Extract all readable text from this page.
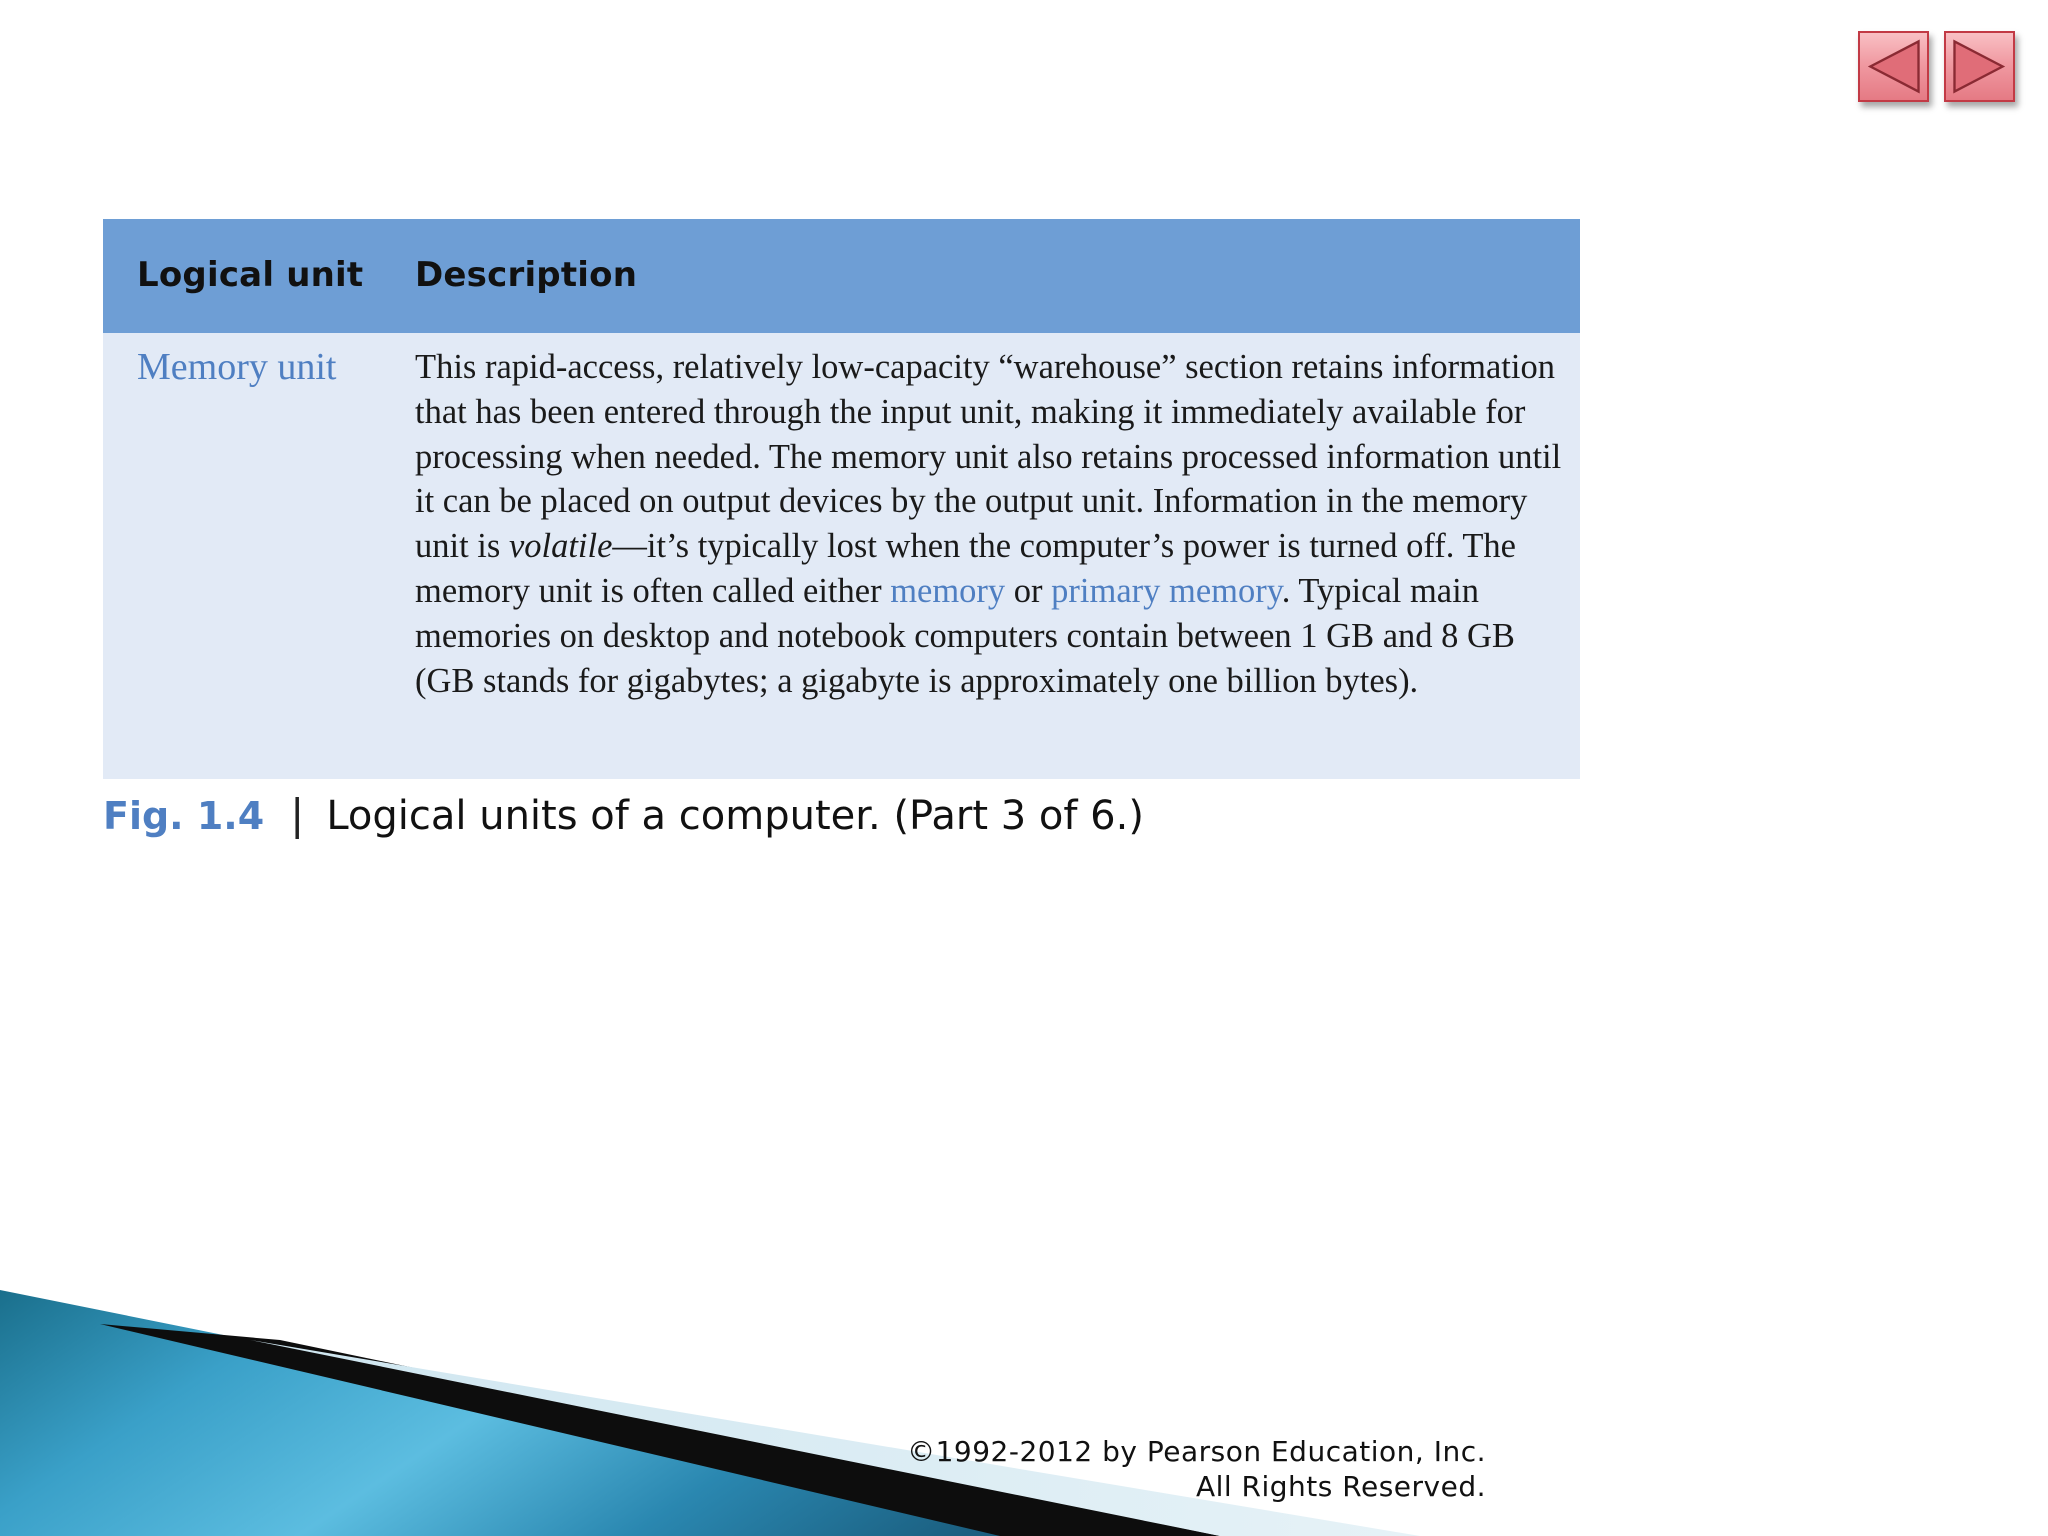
Logical unit Description
Memory unit This rapid-access, relatively low-capacity “warehouse” section retains information that has been entered through the input unit, making it immediately available for processing when needed. The memory unit also retains processed information until it can be placed on output devices by the output unit. Information in the memory unit is volatile—it’s typically lost when the computer’s power is turned off. The memory unit is often called either memory or primary memory. Typical main memories on desktop and notebook computers contain between 1 GB and 8 GB (GB stands for gigabytes; a gigabyte is approximately one billion bytes).
Fig. 1.4 | Logical units of a computer. (Part 3 of 6.)
©1992-2012 by Pearson Education, Inc.
All Rights Reserved.
